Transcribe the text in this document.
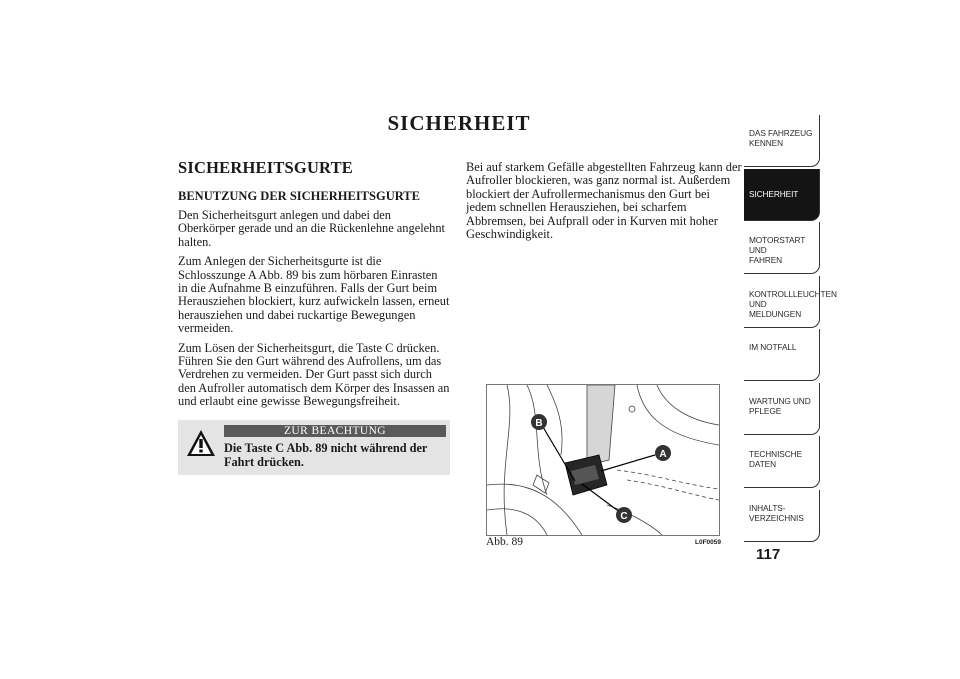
SICHERHEIT
SICHERHEITSGURTE
BENUTZUNG DER SICHERHEITSGURTE

Den Sicherheitsgurt anlegen und dabei den Oberkörper gerade und an die Rückenlehne angelehnt halten.

Zum Anlegen der Sicherheitsgurte ist die Schlosszunge A Abb. 89 bis zum hörbaren Einrasten in die Aufnahme B einzuführen. Falls der Gurt beim Herausziehen blockiert, kurz aufwickeln lassen, erneut herausziehen und dabei ruckartige Bewegungen vermeiden.

Zum Lösen der Sicherheitsgurt, die Taste C drücken. Führen Sie den Gurt während des Aufrollens, um das Verdrehen zu vermeiden. Der Gurt passt sich durch den Aufroller automatisch dem Körper des Insassen an und erlaubt eine gewisse Bewegungsfreiheit.

ZUR BEACHTUNG
Die Taste C Abb. 89 nicht während der Fahrt drücken.

Bei auf starkem Gefälle abgestellten Fahrzeug kann der Aufroller blockieren, was ganz normal ist. Außerdem blockiert der Aufrollermechanismus den Gurt bei jedem schnellen Herausziehen, bei scharfem Abbremsen, bei Aufprall oder in Kurven mit hoher Geschwindigkeit.

B
A
C
Abb. 89	L0F0059
DAS FAHRZEUG
KENNEN
SICHERHEIT
MOTORSTART UND
FAHREN
KONTROLLLEUCHTEN
UND MELDUNGEN
IM NOTFALL
WARTUNG UND
PFLEGE
TECHNISCHE
DATEN
INHALTS-
VERZEICHNIS
117
